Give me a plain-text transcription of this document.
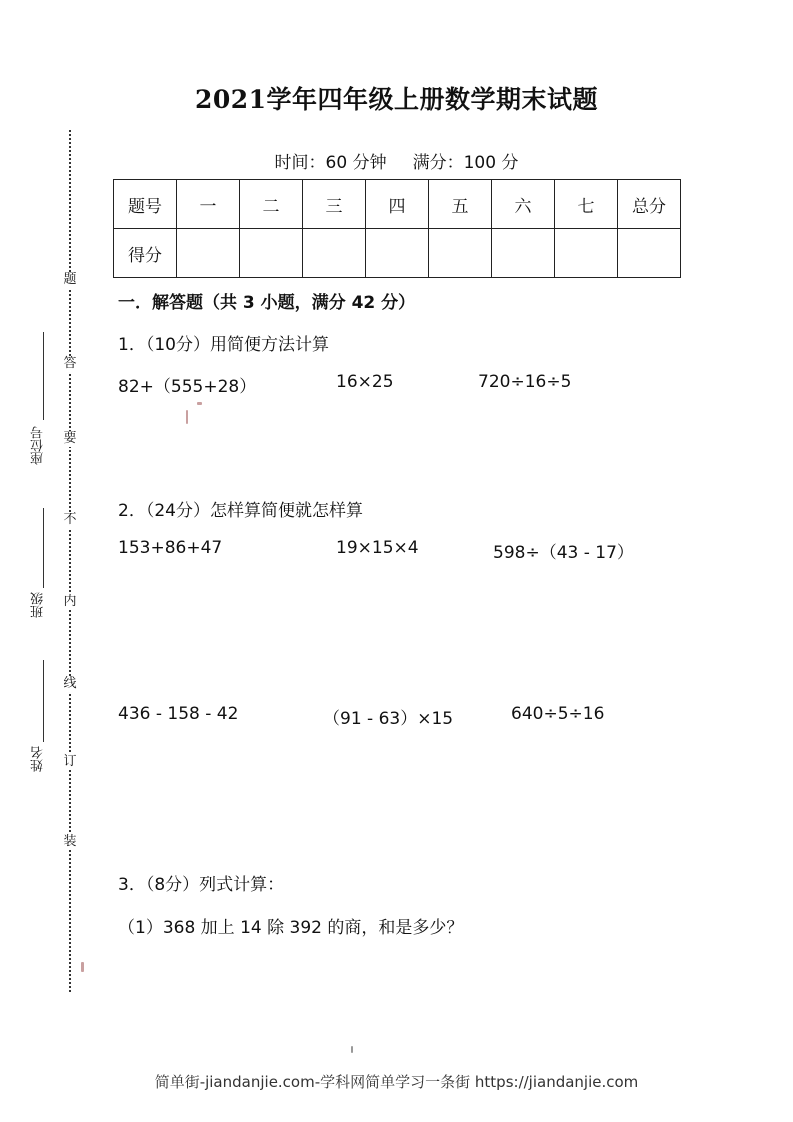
2021学年四年级上册数学期末试题
时间：60 分钟 满分：100 分
题号	一	二	三	四	五	六	七	总分
得分								
一．解答题（共 3 小题，满分 42 分）
1．（10分）用简便方法计算
82+（555+28）	16×25	720÷16÷5
2．（24分）怎样算简便就怎样算
153+86+47	19×15×4	598÷（43 - 17）
436 - 158 - 42	（91 - 63）×15	640÷5÷16
3．（8分）列式计算：
（1）368 加上 14 除 392 的商，和是多少？
题
答
要
不
内
线
订
装
座位号
班级
姓名
简单街-jiandanjie.com-学科网简单学习一条街 https://jiandanjie.com
